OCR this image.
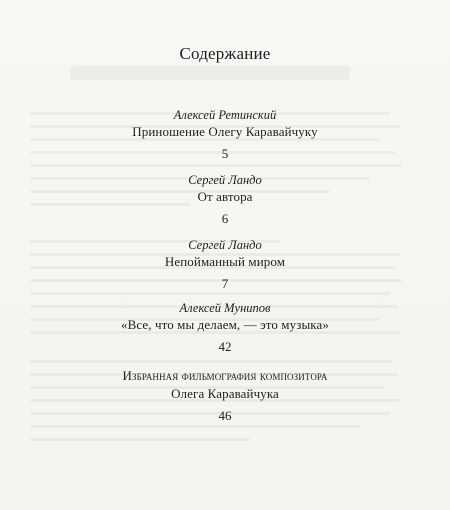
Содержание
Алексей Ретинский
Приношение Олегу Каравайчуку
5
Сергей Ландо
От автора
6
Сергей Ландо
Непойманный миром
7
Алексей Мунипов
«Все, что мы делаем, — это музыка»
42
Избранная фильмография композитора
Олега Каравайчука
46
